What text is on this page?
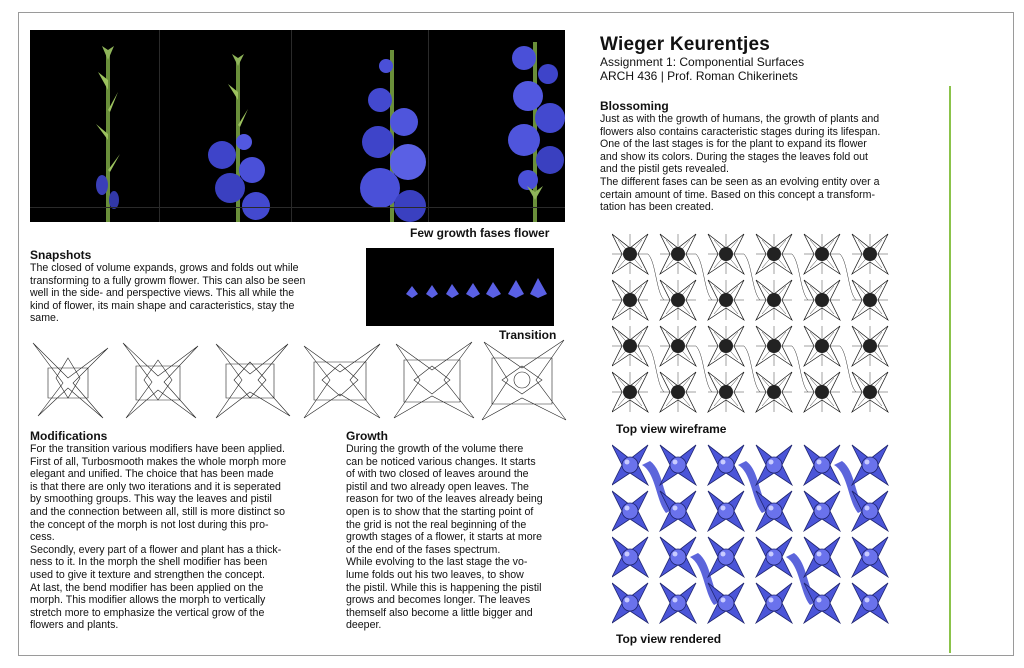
Few growth fases flower
Snapshots
The closed of volume expands, grows and folds out while
transforming to a fully growm flower. This can also be seen
well in the side- and perspective views. This all while the
kind of flower, its main shape and caracteristics, stay the
same.
Transition
Modifications
For the transition various modifiers have been applied.
First of all, Turbosmooth makes the whole morph more
elegant and unified. The choice that has been made
is that there are only two iterations and it is seperated
by smoothing groups. This way the leaves and pistil
and the connection between all, still is more distinct so
the concept of the morph is not lost during this pro-
cess.
Secondly, every part of a flower and plant has a thick-
ness to it. In the morph the shell modifier has been
used to give it texture and strengthen the concept.
At last, the bend modifier has been applied on the
morph. This modifier allows the morph to vertically
stretch more to emphasize the vertical grow of the
flowers and plants.
Growth
During the growth of the volume there
can be noticed various changes. It starts
of with two closed of leaves around the
pistil and two already open leaves. The
reason for two of the leaves already being
open is to show that the starting point of
the grid is not the real beginning of the
growth stages of a flower, it starts at more
of the end of the fases spectrum.
While evolving to the last stage the vo-
lume folds out his two leaves, to show
the pistil. While this is happening the pistil
grows and becomes longer. The leaves
themself also become a little bigger and
deeper.
Wieger Keurentjes
Assignment 1: Componential Surfaces
ARCH 436 | Prof. Roman Chikerinets
Blossoming
Just as with the growth of humans, the growth of plants and
flowers also contains caracteristic stages during its lifespan.
One of the last stages is for the plant to expand its flower
and show its colors. During the stages the leaves fold out
and the pistil gets revealed.
The different fases can be seen as an evolving entity over a
certain amount of time. Based on this concept a transform-
tation has been created.
Top view wireframe
Top view rendered
